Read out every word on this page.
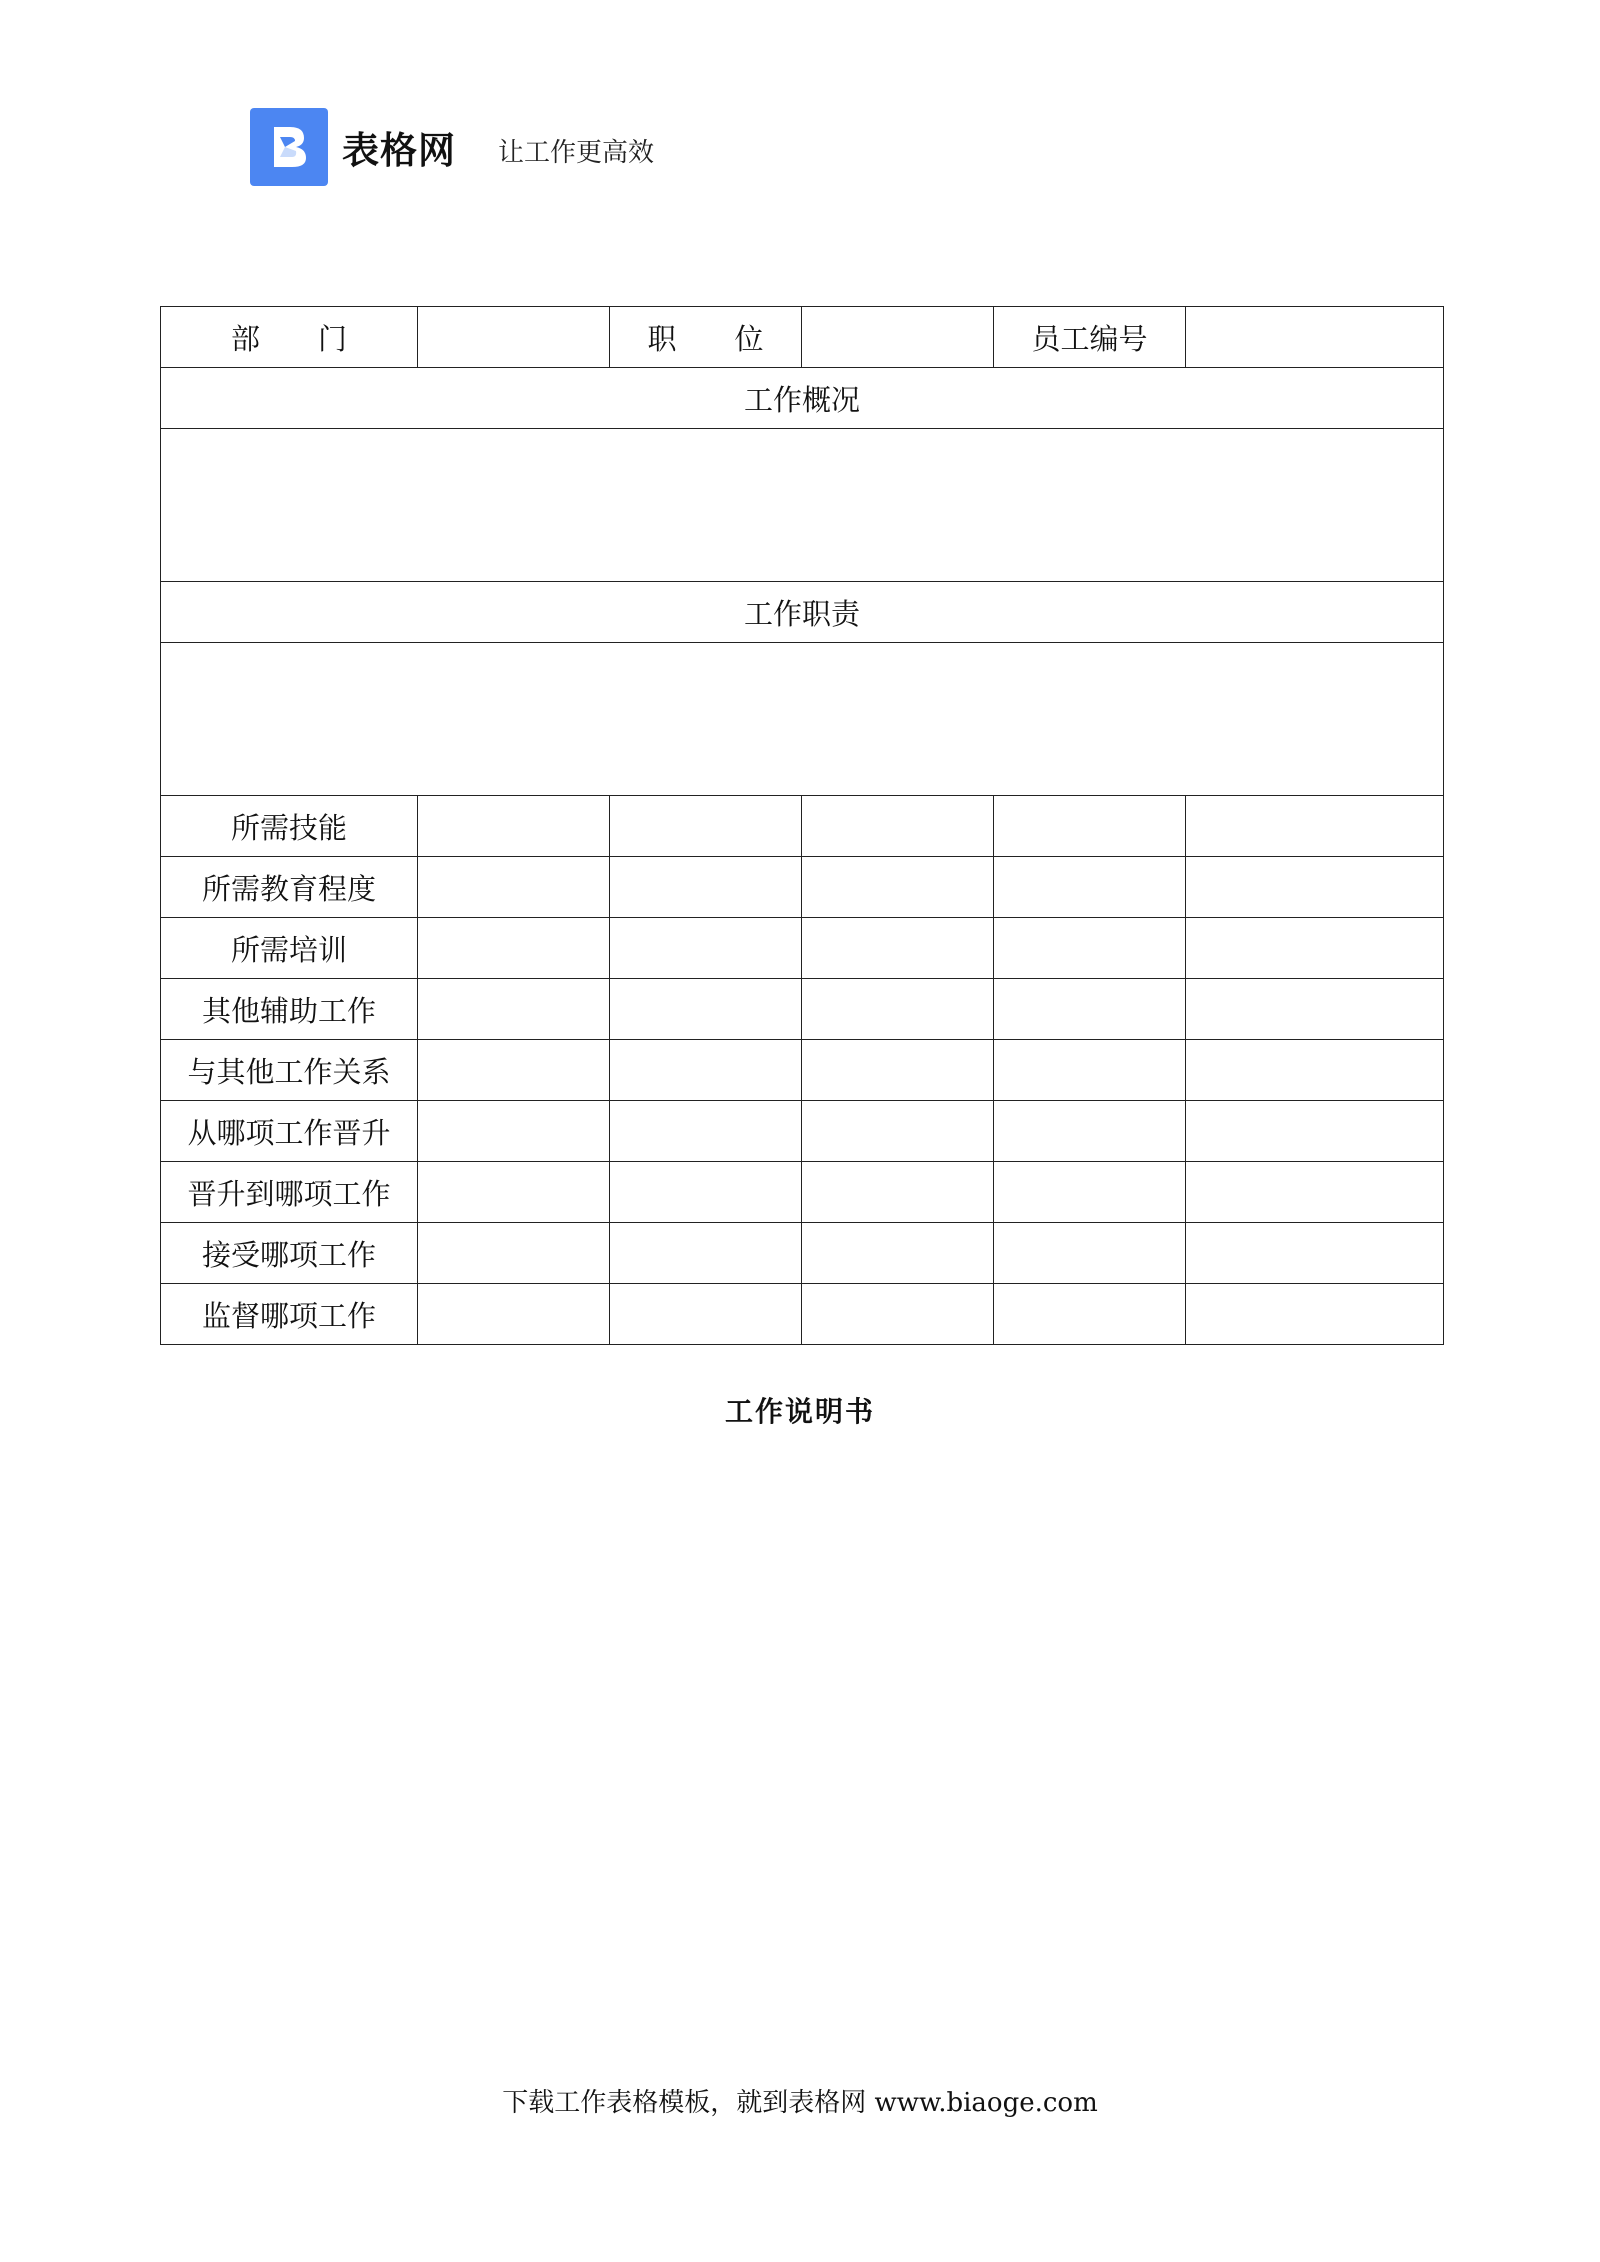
表格网 让工作更高效
部　　门		职　　位		员工编号	
工作概况					

工作职责					

所需技能					
所需教育程度					
所需培训					
其他辅助工作					
与其他工作关系					
从哪项工作晋升					
晋升到哪项工作					
接受哪项工作					
监督哪项工作					
工作说明书
下载工作表格模板，就到表格网 www.biaoge.com
